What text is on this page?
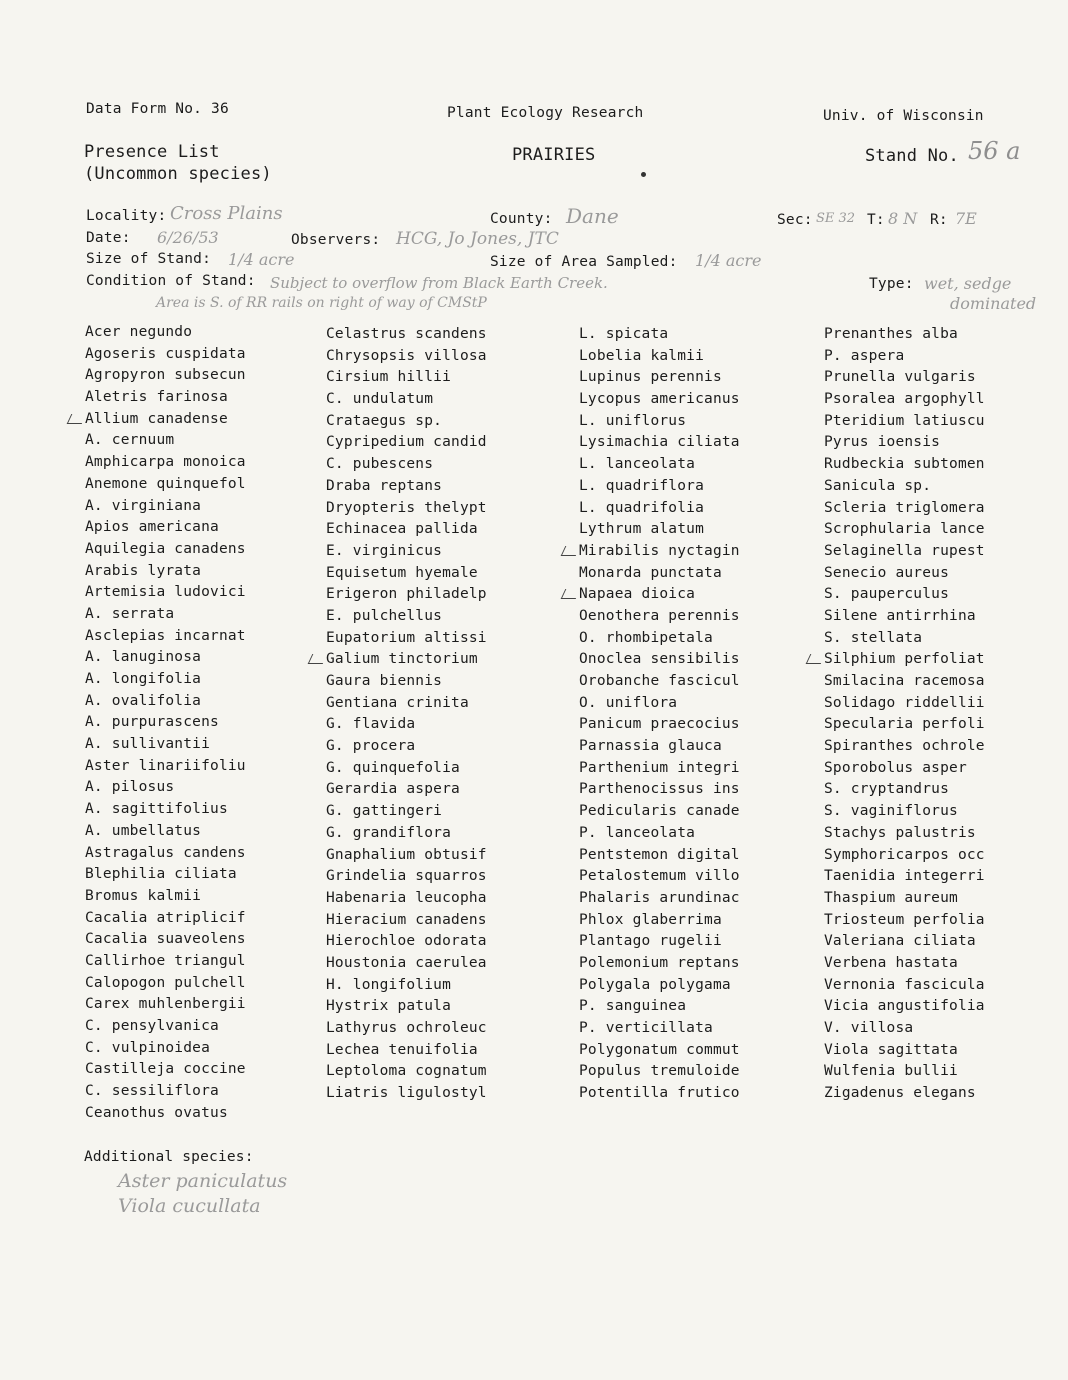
Data Form No. 36	Plant Ecology Research	Univ. of Wisconsin
Presence List
(Uncommon species)
PRAIRIES	Stand No. 56 a
Locality: Cross Plains	County: Dane	Sec: SE 32 T: 8 N R: 7E
Date: 6/26/53	Observers: HCG, Jo Jones, JTC
Size of Stand: 1/4 acre	Size of Area Sampled: 1/4 acre
Condition of Stand: Subject to overflow from Black Earth Creek.
Area is S. of RR rails on right of way of CMStP
Type: wet, sedge
dominated
Acer negundo
Agoseris cuspidata
Agropyron subsecun
Aletris farinosa
Allium canadense
A. cernuum
Amphicarpa monoica
Anemone quinquefol
A. virginiana
Apios americana
Aquilegia canadens
Arabis lyrata
Artemisia ludovici
A. serrata
Asclepias incarnat
A. lanuginosa
A. longifolia
A. ovalifolia
A. purpurascens
A. sullivantii
Aster linariifoliu
A. pilosus
A. sagittifolius
A. umbellatus
Astragalus candens
Blephilia ciliata
Bromus kalmii
Cacalia atriplicif
Cacalia suaveolens
Callirhoe triangul
Calopogon pulchell
Carex muhlenbergii
C. pensylvanica
C. vulpinoidea
Castilleja coccine
C. sessiliflora
Ceanothus ovatus
Celastrus scandens
Chrysopsis villosa
Cirsium hillii
C. undulatum
Crataegus sp.
Cypripedium candid
C. pubescens
Draba reptans
Dryopteris thelypt
Echinacea pallida
E. virginicus
Equisetum hyemale
Erigeron philadelp
E. pulchellus
Eupatorium altissi
Galium tinctorium
Gaura biennis
Gentiana crinita
G. flavida
G. procera
G. quinquefolia
Gerardia aspera
G. gattingeri
G. grandiflora
Gnaphalium obtusif
Grindelia squarros
Habenaria leucopha
Hieracium canadens
Hierochloe odorata
Houstonia caerulea
H. longifolium
Hystrix patula
Lathyrus ochroleuc
Lechea tenuifolia
Leptoloma cognatum
Liatris ligulostyl
L. spicata
Lobelia kalmii
Lupinus perennis
Lycopus americanus
L. uniflorus
Lysimachia ciliata
L. lanceolata
L. quadriflora
L. quadrifolia
Lythrum alatum
Mirabilis nyctagin
Monarda punctata
Napaea dioica
Oenothera perennis
O. rhombipetala
Onoclea sensibilis
Orobanche fascicul
O. uniflora
Panicum praecocius
Parnassia glauca
Parthenium integri
Parthenocissus ins
Pedicularis canade
P. lanceolata
Pentstemon digital
Petalostemum villo
Phalaris arundinac
Phlox glaberrima
Plantago rugelii
Polemonium reptans
Polygala polygama
P. sanguinea
P. verticillata
Polygonatum commut
Populus tremuloide
Potentilla frutico
Prenanthes alba
P. aspera
Prunella vulgaris
Psoralea argophyll
Pteridium latiuscu
Pyrus ioensis
Rudbeckia subtomen
Sanicula sp.
Scleria triglomera
Scrophularia lance
Selaginella rupest
Senecio aureus
S. pauperculus
Silene antirrhina
S. stellata
Silphium perfoliat
Smilacina racemosa
Solidago riddellii
Specularia perfoli
Spiranthes ochrole
Sporobolus asper
S. cryptandrus
S. vaginiflorus
Stachys palustris
Symphoricarpos occ
Taenidia integerri
Thaspium aureum
Triosteum perfolia
Valeriana ciliata
Verbena hastata
Vernonia fascicula
Vicia angustifolia
V. villosa
Viola sagittata
Wulfenia bullii
Zigadenus elegans
Additional species:
Aster paniculatus
Viola cucullata
